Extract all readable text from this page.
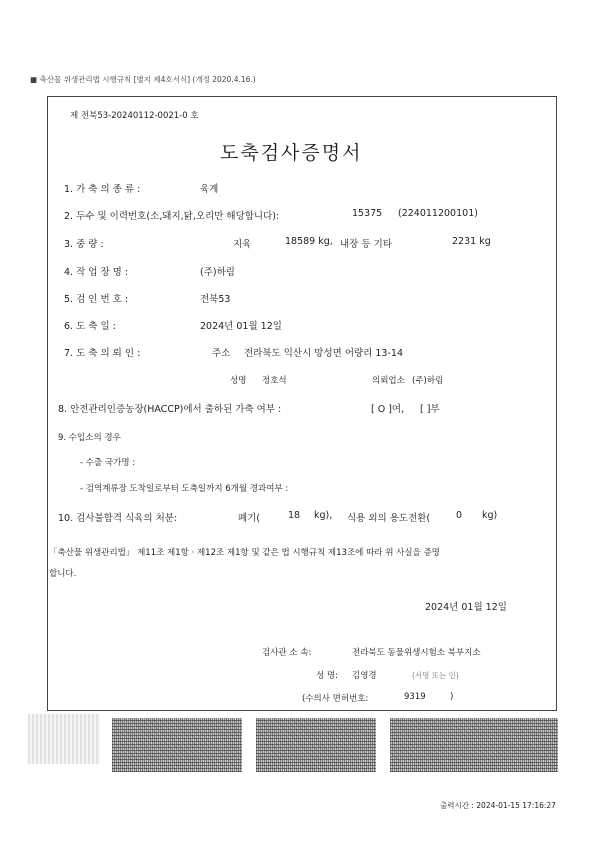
■ 축산물 위생관리법 시행규칙 [별지 제4호서식] (개정 2020.4.16.)
제 전북53-20240112-0021-0 호
도축검사증명서
1. 가 축 의 종 류 :	육계
2. 두수 및 이력번호(소,돼지,닭,오리만 해당합니다):	15375 (224011200101)
3. 중 량 :	지육	18589 kg, 내장 등 기타	2231 kg
4. 작 업 장 명 :	(주)하림
5. 검 인 번 호 :	전북53
6. 도 축 일 :	2024년 01월 12일
7. 도 축 의 뢰 인 :	주소 전라북도 익산시 망성면 어량리 13-14
성명 정호석	의뢰업소 (주)하림
8. 안전관리인증농장(HACCP)에서 출하된 가축 여부 :	[ O ]여, [ ]부
9. 수입소의 경우
- 수출 국가명 :
- 검역계류장 도착일로부터 도축일까지 6개월 경과여부 :
10. 검사불합격 식육의 처분:	폐기(	18 kg), 식용 외의 용도전환(	0 kg)
「축산물 위생관리법」 제11조 제1항 · 제12조 제1항 및 같은 법 시행규칙 제13조에 따라 위 사실을 증명
합니다.
2024년 01월 12일
검사관 소 속:	전라북도 동물위생시험소 북부지소
성 명: 김영경	(서명 또는 인)
(수의사 면허번호:	9319	)
출력시간 : 2024-01-15 17:16:27
